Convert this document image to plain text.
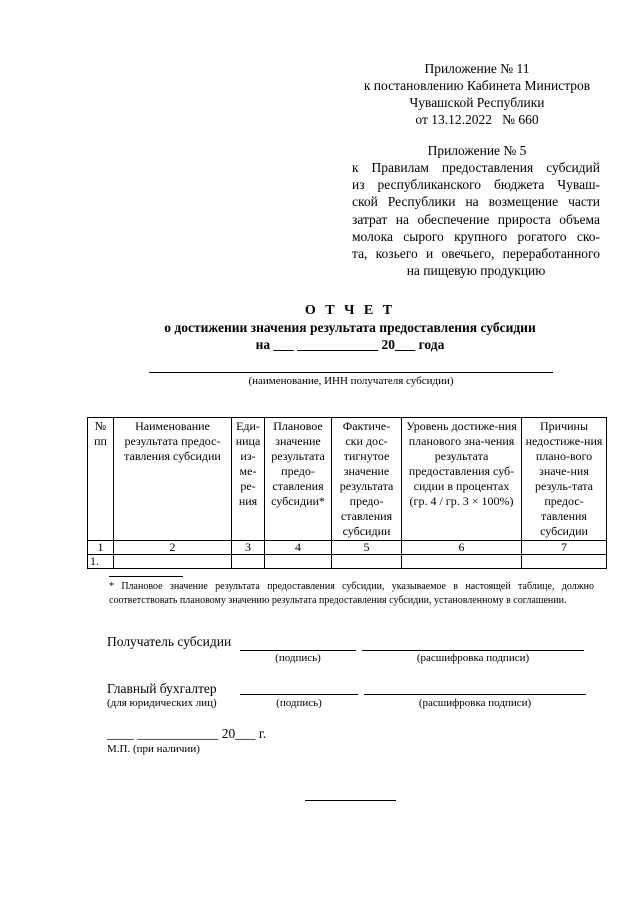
Приложение № 11
к постановлению Кабинета Министров
Чувашской Республики
от 13.12.2022   № 660
Приложение № 5
к  Правилам  предоставления  субсидий
из  республиканского  бюджета  Чуваш-
ской  Республики  на  возмещение  части
затрат на обеспечение прироста объема
молока  сырого  крупного  рогатого  ско-
та,  козьего  и  овечьего,  переработанного
на пищевую продукцию
О Т Ч Е Т
о достижении значения результата предоставления субсидии
на ___ ____________ 20___ года
(наименование, ИНН получателя субсидии)
№ пп	Наименование результата предос-тавления субсидии	Еди-ница из-ме-ре-ния	Плановое значение результата предо-ставления субсидии*	Фактиче-ски дос-тигнутое значение результата предо-ставления субсидии	Уровень достиже-ния планового зна-чения результата предоставления суб-сидии в процентах (гр. 4 / гр. 3 × 100%)	Причины недостиже-ния плано-вого значе-ния резуль-тата предос-тавления субсидии
1	2	3	4	5	6	7
1.						
* Плановое значение результата предоставления субсидии, указываемое в настоящей таблице, должно соответствовать плановому значению результата предоставления субсидии, установленному в соглашении.
Получатель субсидии
(подпись)	(расшифровка подписи)
Главный бухгалтер
(для юридических лиц)	(подпись)	(расшифровка подписи)
____ ____________ 20___ г.
М.П. (при наличии)
